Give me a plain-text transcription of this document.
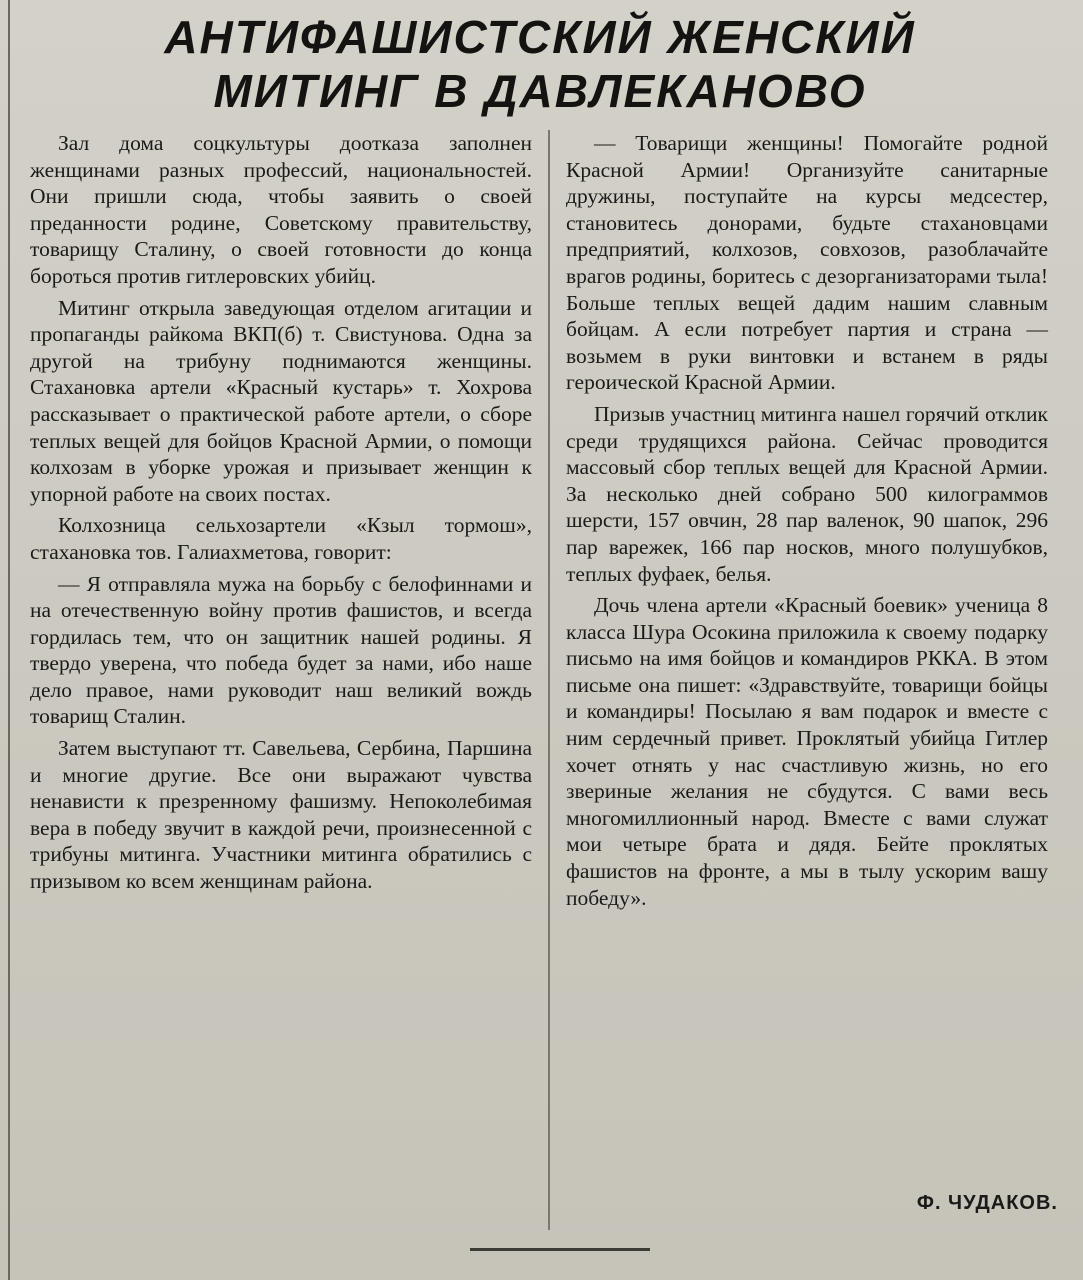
АНТИФАШИСТСКИЙ ЖЕНСКИЙ
МИТИНГ В ДАВЛЕКАНОВО

Зал дома соцкультуры доотказа заполнен женщинами разных профессий, национальностей. Они пришли сюда, чтобы заявить о своей преданности родине, Советскому правительству, товарищу Сталину, о своей готовности до конца бороться против гитлеровских убийц.

Митинг открыла заведующая отделом агитации и пропаганды райкома ВКП(б) т. Свистунова. Одна за другой на трибуну поднимаются женщины. Стахановка артели «Красный кустарь» т. Хохрова рассказывает о практической работе артели, о сборе теплых вещей для бойцов Красной Армии, о помощи колхозам в уборке урожая и призывает женщин к упорной работе на своих постах.

Колхозница сельхозартели «Кзыл тормош», стахановка тов. Галиахметова, говорит:

— Я отправляла мужа на борьбу с белофиннами и на отечественную войну против фашистов, и всегда гордилась тем, что он защитник нашей родины. Я твердо уверена, что победа будет за нами, ибо наше дело правое, нами руководит наш великий вождь товарищ Сталин.

Затем выступают тт. Савельева, Сербина, Паршина и многие другие. Все они выражают чувства ненависти к презренному фашизму. Непоколебимая вера в победу звучит в каждой речи, произнесенной с трибуны митинга. Участники митинга обратились с призывом ко всем женщинам района.

— Товарищи женщины! Помогайте родной Красной Армии! Организуйте санитарные дружины, поступайте на курсы медсестер, становитесь донорами, будьте стахановцами предприятий, колхозов, совхозов, разоблачайте врагов родины, боритесь с дезорганизаторами тыла! Больше теплых вещей дадим нашим славным бойцам. А если потребует партия и страна — возьмем в руки винтовки и встанем в ряды героической Красной Армии.

Призыв участниц митинга нашел горячий отклик среди трудящихся района. Сейчас проводится массовый сбор теплых вещей для Красной Армии. За несколько дней собрано 500 килограммов шерсти, 157 овчин, 28 пар валенок, 90 шапок, 296 пар варежек, 166 пар носков, много полушубков, теплых фуфаек, белья.

Дочь члена артели «Красный боевик» ученица 8 класса Шура Осокина приложила к своему подарку письмо на имя бойцов и командиров РККА. В этом письме она пишет: «Здравствуйте, товарищи бойцы и командиры! Посылаю я вам подарок и вместе с ним сердечный привет. Проклятый убийца Гитлер хочет отнять у нас счастливую жизнь, но его звериные желания не сбудутся. С вами весь многомиллионный народ. Вместе с вами служат мои четыре брата и дядя. Бейте проклятых фашистов на фронте, а мы в тылу ускорим вашу победу».

Ф. ЧУДАКОВ.
